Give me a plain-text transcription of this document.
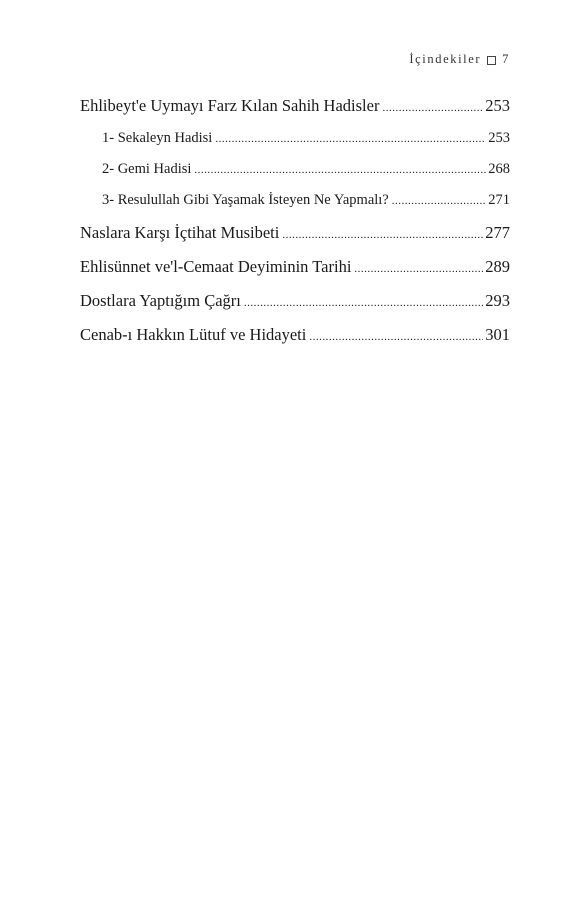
İçindekiler 7
Ehlibeyt'e Uymayı Farz Kılan Sahih Hadisler .....	253
1- Sekaleyn Hadisi .....	253
2- Gemi Hadisi .....	268
3- Resulullah Gibi Yaşamak İsteyen Ne Yapmalı? .....	271
Naslara Karşı İçtihat Musibeti .....	277
Ehlisünnet ve'l-Cemaat Deyiminin Tarihi .....	289
Dostlara Yaptığım Çağrı .....	293
Cenab-ı Hakkın Lütuf ve Hidayeti .....	301
